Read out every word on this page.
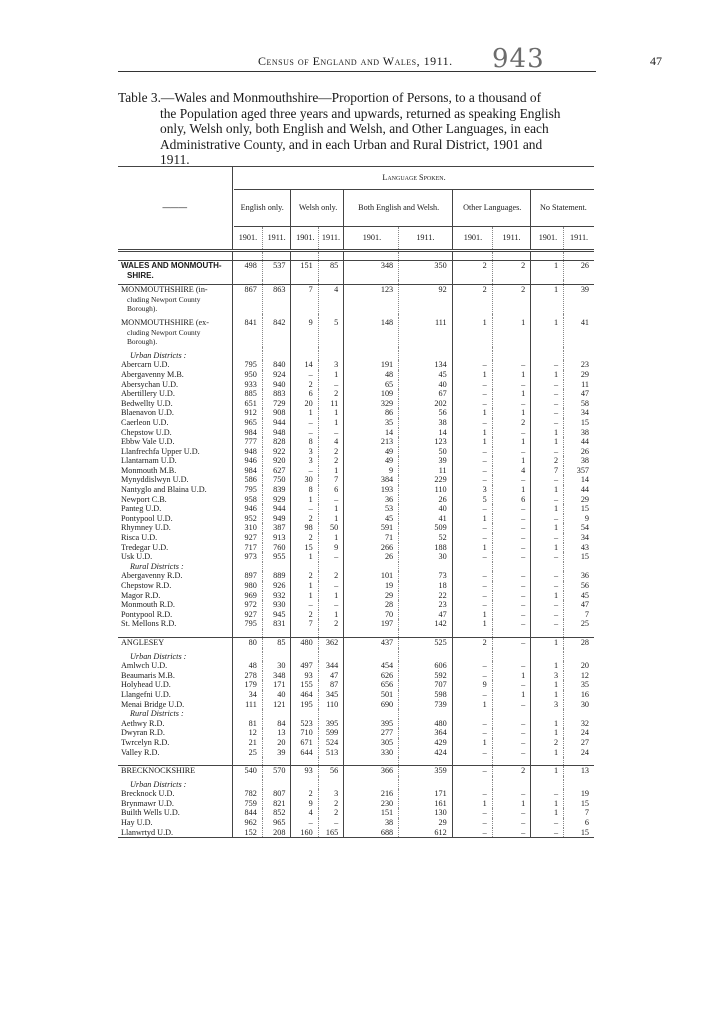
Census of England and Wales, 1911. 943	47
Table 3.—Wales and Monmouthshire—Proportion of Persons, to a thousand of
the Population aged three years and upwards, returned as speaking English
only, Welsh only, both English and Welsh, and Other Languages, in each
Administrative County, and in each Urban and Rural District, 1901 and
1911.
———		Language Spoken.													
		English only.			Welsh only.			Both English and Welsh.			Other Languages.			No Statement.	
		1901.	1911.		1901.	1911.		1901.	1911.		1901.	1911.		1901.	1911.

WALES AND MONMOUTH-
SHIRE.		498	537		151	85		348	350		2	2		1	26

MONMOUTHSHIRE (in-
cluding Newport County
Borough).		867	863		7	4		123	92		2	2		1	39

MONMOUTHSHIRE (ex-
cluding Newport County
Borough).		841	842		9	5		148	111		1	1		1	41

Urban Districts :															
Abercarn U.D.		795	840		14	3		191	134		–	–		–	23
Abergavenny M.B.		950	924		–	1		48	45		1	1		1	29
Abersychan U.D.		933	940		2	–		65	40		–	–		–	11
Abertillery U.D.		885	883		6	2		109	67		–	1		–	47
Bedwellty U.D.		651	729		20	11		329	202		–	–		–	58
Blaenavon U.D.		912	908		1	1		86	56		1	1		–	34
Caerleon U.D.		965	944		–	1		35	38		–	2		–	15
Chepstow U.D.		984	948		–	–		14	14		1	–		1	38
Ebbw Vale U.D.		777	828		8	4		213	123		1	1		1	44
Llanfrechfa Upper U.D.		948	922		3	2		49	50		–	–		–	26
Llantarnam U.D.		946	920		3	2		49	39		–	1		2	38
Monmouth M.B.		984	627		–	1		9	11		–	4		7	357
Mynyddislwyn U.D.		586	750		30	7		384	229		–	–		–	14
Nantyglo and Blaina U.D.		795	839		8	6		193	110		3	1		1	44
Newport C.B.		958	929		1	–		36	26		5	6		–	29
Panteg U.D.		946	944		–	1		53	40		–	–		1	15
Pontypool U.D.		952	949		2	1		45	41		1	–		–	9
Rhymney U.D.		310	387		98	50		591	509		–	–		1	54
Risca U.D.		927	913		2	1		71	52		–	–		–	34
Tredegar U.D.		717	760		15	9		266	188		1	–		1	43
Usk U.D.		973	955		1	–		26	30		–	–		–	15
Rural Districts :															
Abergavenny R.D.		897	889		2	2		101	73		–	–		–	36
Chepstow R.D.		980	926		1	–		19	18		–	–		–	56
Magor R.D.		969	932		1	1		29	22		–	–		1	45
Monmouth R.D.		972	930		–	–		28	23		–	–		–	47
Pontypool R.D.		927	945		2	1		70	47		1	–		–	7
St. Mellons R.D.		795	831		7	2		197	142		1	–		–	25

ANGLESEY		80	85		480	362		437	525		2	–		1	28

Urban Districts :															
Amlwch U.D.		48	30		497	344		454	606		–	–		1	20
Beaumaris M.B.		278	348		93	47		626	592		–	1		3	12
Holyhead U.D.		179	171		155	87		656	707		9	–		1	35
Llangefni U.D.		34	40		464	345		501	598		–	1		1	16
Menai Bridge U.D.		111	121		195	110		690	739		1	–		3	30
Rural Districts :															
Aethwy R.D.		81	84		523	395		395	480		–	–		1	32
Dwyran R.D.		12	13		710	599		277	364		–	–		1	24
Twrcelyn R.D.		21	20		671	524		305	429		1	–		2	27
Valley R.D.		25	39		644	513		330	424		–	–		1	24

BRECKNOCKSHIRE		540	570		93	56		366	359		–	2		1	13

Urban Districts :															
Brecknock U.D.		782	807		2	3		216	171		–	–		–	19
Brynmawr U.D.		759	821		9	2		230	161		1	1		1	15
Builth Wells U.D.		844	852		4	2		151	130		–	–		1	7
Hay U.D.		962	965		–	–		38	29		–	–		–	6
Llanwrtyd U.D.		152	208		160	165		688	612		–	–		–	15
